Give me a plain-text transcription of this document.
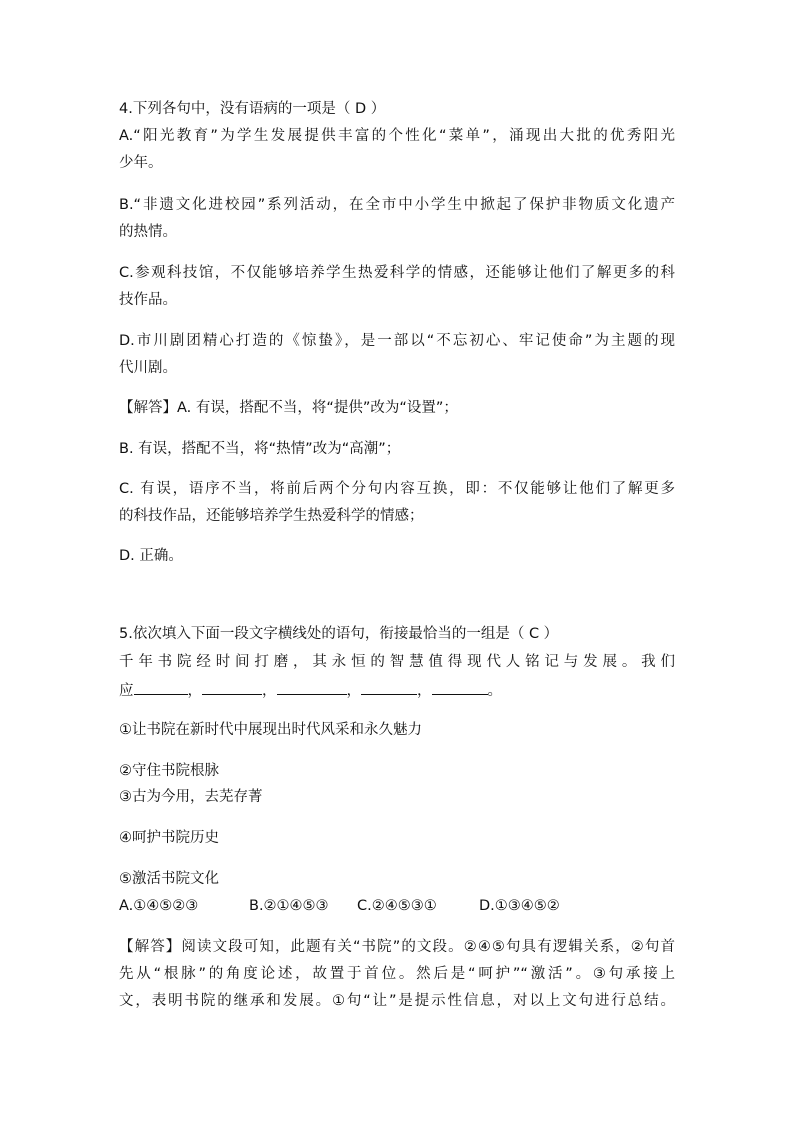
4.下列各句中，没有语病的一项是（ D ）
A.“阳光教育”为学生发展提供丰富的个性化“菜单”，涌现出大批的优秀阳光
少年。
B.“非遗文化进校园”系列活动，在全市中小学生中掀起了保护非物质文化遗产
的热情。
C.参观科技馆，不仅能够培养学生热爱科学的情感，还能够让他们了解更多的科
技作品。
D.市川剧团精心打造的《惊蛰》，是一部以“不忘初心、牢记使命”为主题的现
代川剧。
【解答】A. 有误，搭配不当，将“提供”改为“设置”；
B. 有误，搭配不当，将“热情”改为“高潮”；
C. 有误，语序不当，将前后两个分句内容互换，即：不仅能够让他们了解更多
的科技作品，还能够培养学生热爱科学的情感；
D. 正确。
5.依次填入下面一段文字横线处的语句，衔接最恰当的一组是（ C ）
千年书院经时间打磨，其永恒的智慧值得现代人铭记与发展。我们
应	，	，	，	，	。
①让书院在新时代中展现出时代风采和永久魅力
②守住书院根脉
③古为今用，去芜存菁
④呵护书院历史
⑤激活书院文化
A.①④⑤②③	B.②①④⑤③ C.②④⑤③①	D.①③④⑤②
【解答】阅读文段可知，此题有关“书院”的文段。②④⑤句具有逻辑关系，②句首
先从“根脉”的角度论述，故置于首位。然后是“呵护”“激活”。③句承接上
文，表明书院的继承和发展。①句“让”是提示性信息，对以上文句进行总结。
